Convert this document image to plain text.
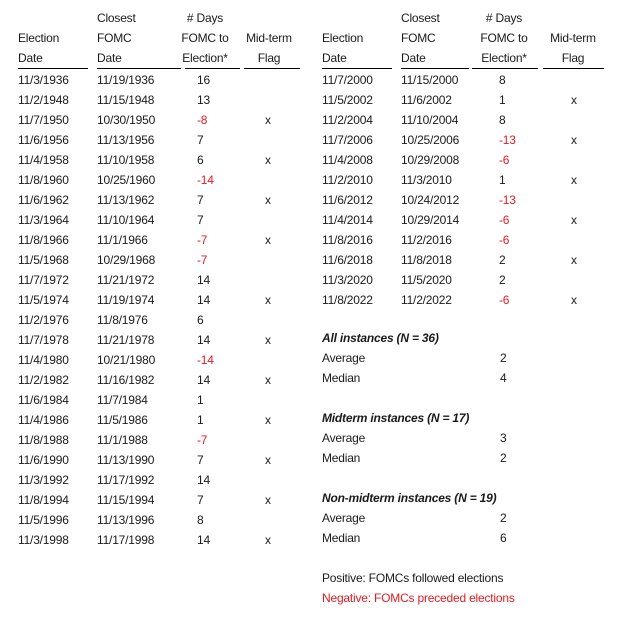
Election
Date
Closest
FOMC Date
# Days
FOMC to
Election*
Mid-term
Flag
11/3/1936 11/19/1936	16
11/2/1948 11/15/1948	13
11/7/1950 10/30/1950	-8	x
11/6/1956 11/13/1956	7
11/4/1958 11/10/1958	6	x
11/8/1960 10/25/1960	-14
11/6/1962 11/13/1962	7	x
11/3/1964 11/10/1964	7
11/8/1966 11/1/1966	-7	x
11/5/1968 10/29/1968	-7
11/7/1972 11/21/1972	14
11/5/1974 11/19/1974	14	x
11/2/1976 11/8/1976	6
11/7/1978 11/21/1978	14	x
11/4/1980 10/21/1980	-14
11/2/1982 11/16/1982	14	x
11/6/1984 11/7/1984	1
11/4/1986 11/5/1986	1	x
11/8/1988 11/1/1988	-7
11/6/1990 11/13/1990	7	x
11/3/1992 11/17/1992	14
11/8/1994 11/15/1994	7	x
11/5/1996 11/13/1996	8
11/3/1998 11/17/1998	14	x
Election
Date
Closest
FOMC Date
# Days
FOMC to
Election*
Mid-term
Flag
11/7/2000 11/15/2000	8
11/5/2002 11/6/2002	1	x
11/2/2004 11/10/2004	8
11/7/2006 10/25/2006	-13	x
11/4/2008 10/29/2008	-6
11/2/2010 11/3/2010	1	x
11/6/2012 10/24/2012	-13
11/4/2014 10/29/2014	-6	x
11/8/2016 11/2/2016	-6
11/6/2018 11/8/2018	2	x
11/3/2020 11/5/2020	2
11/8/2022 11/2/2022	-6	x
All instances (N = 36)
Average	2
Median	4
Midterm instances (N = 17)
Average	3
Median	2
Non-midterm instances (N = 19)
Average	2
Median	6
Positive: FOMCs followed elections
Negative: FOMCs preceded elections
